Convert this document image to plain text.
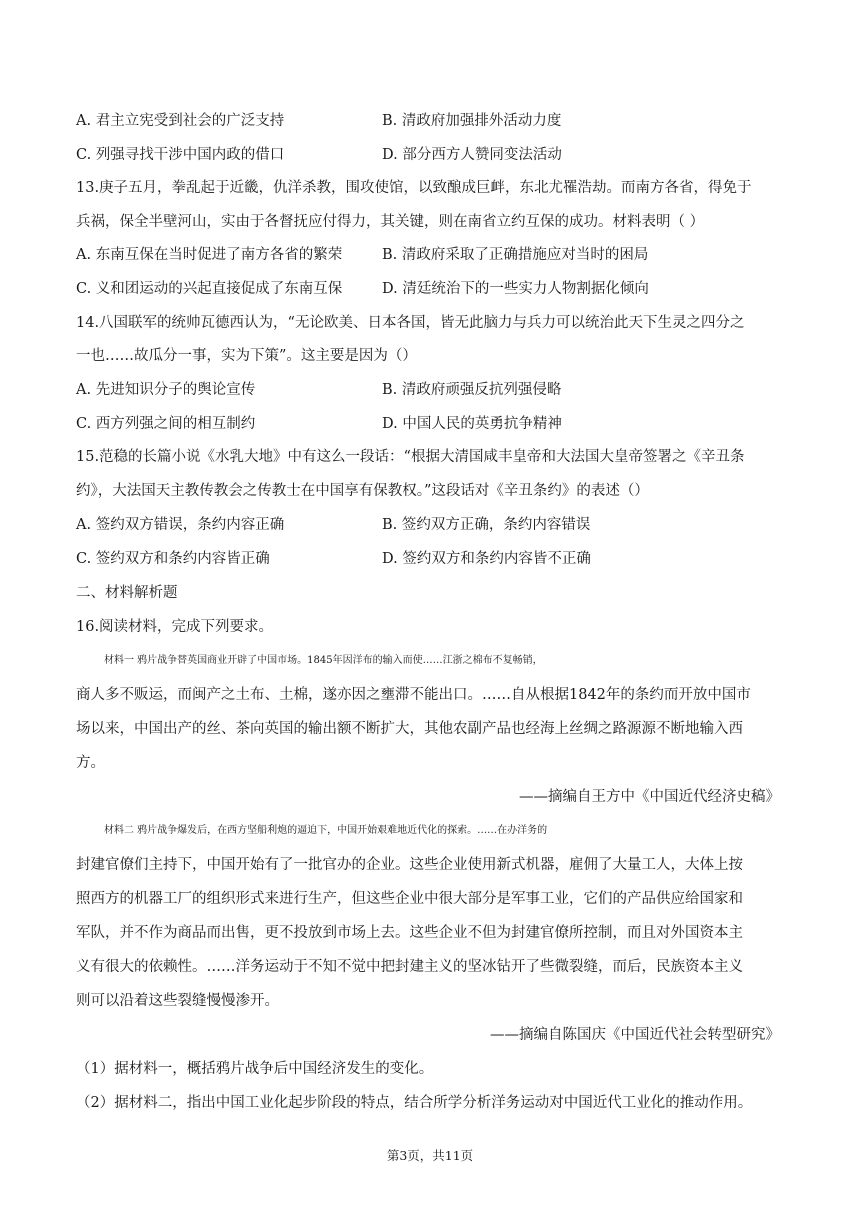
A. 君主立宪受到社会的广泛支持	B. 清政府加强排外活动力度
C. 列强寻找干涉中国内政的借口	D. 部分西方人赞同变法活动
13.庚子五月，拳乱起于近畿，仇洋杀教，围攻使馆，以致酿成巨衅，东北尤罹浩劫。而南方各省，得免于
兵祸，保全半壁河山，实由于各督抚应付得力，其关键，则在南省立约互保的成功。材料表明（ ）
A. 东南互保在当时促进了南方各省的繁荣	B. 清政府采取了正确措施应对当时的困局
C. 义和团运动的兴起直接促成了东南互保	D. 清廷统治下的一些实力人物割据化倾向
14.八国联军的统帅瓦德西认为，“无论欧美、日本各国，皆无此脑力与兵力可以统治此天下生灵之四分之
一也……故瓜分一事，实为下策”。这主要是因为（）
A. 先进知识分子的舆论宣传	B. 清政府顽强反抗列强侵略
C. 西方列强之间的相互制约	D. 中国人民的英勇抗争精神
15.范稳的长篇小说《水乳大地》中有这么一段话：“根据大清国咸丰皇帝和大法国大皇帝签署之《辛丑条
约》，大法国天主教传教会之传教士在中国享有保教权。”这段话对《辛丑条约》的表述（）
A. 签约双方错误，条约内容正确	B. 签约双方正确，条约内容错误
C. 签约双方和条约内容皆正确	D. 签约双方和条约内容皆不正确
二、材料解析题
16.阅读材料，完成下列要求。
材料一 鸦片战争替英国商业开辟了中国市场。1845年因洋布的输入而使……江浙之棉布不复畅销，
商人多不贩运，而闽产之土布、土棉，遂亦因之壅滞不能出口。……自从根据1842年的条约而开放中国市
场以来，中国出产的丝、茶向英国的输出额不断扩大，其他农副产品也经海上丝绸之路源源不断地输入西
方。
——摘编自王方中《中国近代经济史稿》
材料二 鸦片战争爆发后，在西方坚船利炮的逼迫下，中国开始艰难地近代化的探索。……在办洋务的
封建官僚们主持下，中国开始有了一批官办的企业。这些企业使用新式机器，雇佣了大量工人，大体上按
照西方的机器工厂的组织形式来进行生产，但这些企业中很大部分是军事工业，它们的产品供应给国家和
军队，并不作为商品而出售，更不投放到市场上去。这些企业不但为封建官僚所控制，而且对外国资本主
义有很大的依赖性。……洋务运动于不知不觉中把封建主义的坚冰钻开了些微裂缝，而后，民族资本主义
则可以沿着这些裂缝慢慢渗开。
——摘编自陈国庆《中国近代社会转型研究》
（1）据材料一，概括鸦片战争后中国经济发生的变化。
（2）据材料二，指出中国工业化起步阶段的特点，结合所学分析洋务运动对中国近代工业化的推动作用。
第3页，共11页
